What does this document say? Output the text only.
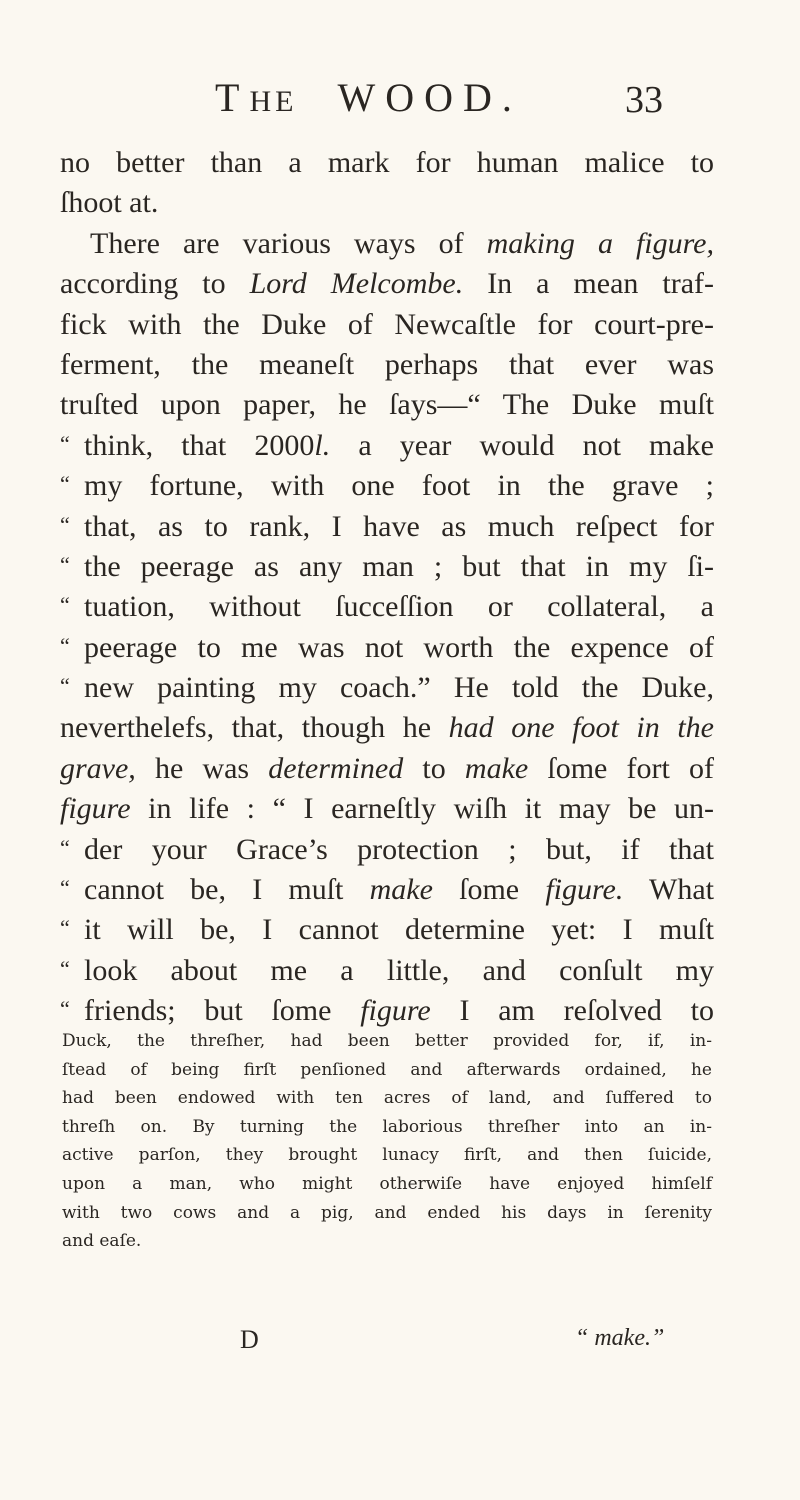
THE WOOD.	33
no better than a mark for human malice to
ſhoot at.
There are various ways of making a figure,
according to Lord Melcombe. In a mean traf-
fick with the Duke of Newcaſtle for court-pre-
ferment, the meaneſt perhaps that ever was
truſted upon paper, he ſays—“ The Duke muſt
“ think, that 2000l. a year would not make
“ my fortune, with one foot in the grave ;
“ that, as to rank, I have as much reſpect for
“ the peerage as any man ; but that in my ſi-
“ tuation, without ſucceſſion or collateral, a
“ peerage to me was not worth the expence of
“ new painting my coach.” He told the Duke,
neverthelefs, that, though he had one foot in the
grave, he was determined to make ſome fort of
figure in life : “ I earneſtly wiſh it may be un-
“ der your Grace’s protection ; but, if that
“ cannot be, I muſt make ſome figure. What
“ it will be, I cannot determine yet: I muſt
“ look about me a little, and conſult my
“ friends; but ſome figure I am reſolved to
Duck, the threſher, had been better provided for, if, in-
ſtead of being firſt penſioned and afterwards ordained, he
had been endowed with ten acres of land, and ſuffered to
threſh on. By turning the laborious threſher into an in-
active parſon, they brought lunacy firſt, and then ſuicide,
upon a man, who might otherwiſe have enjoyed himſelf
with two cows and a pig, and ended his days in ſerenity
and eaſe.
D	“ make.”
